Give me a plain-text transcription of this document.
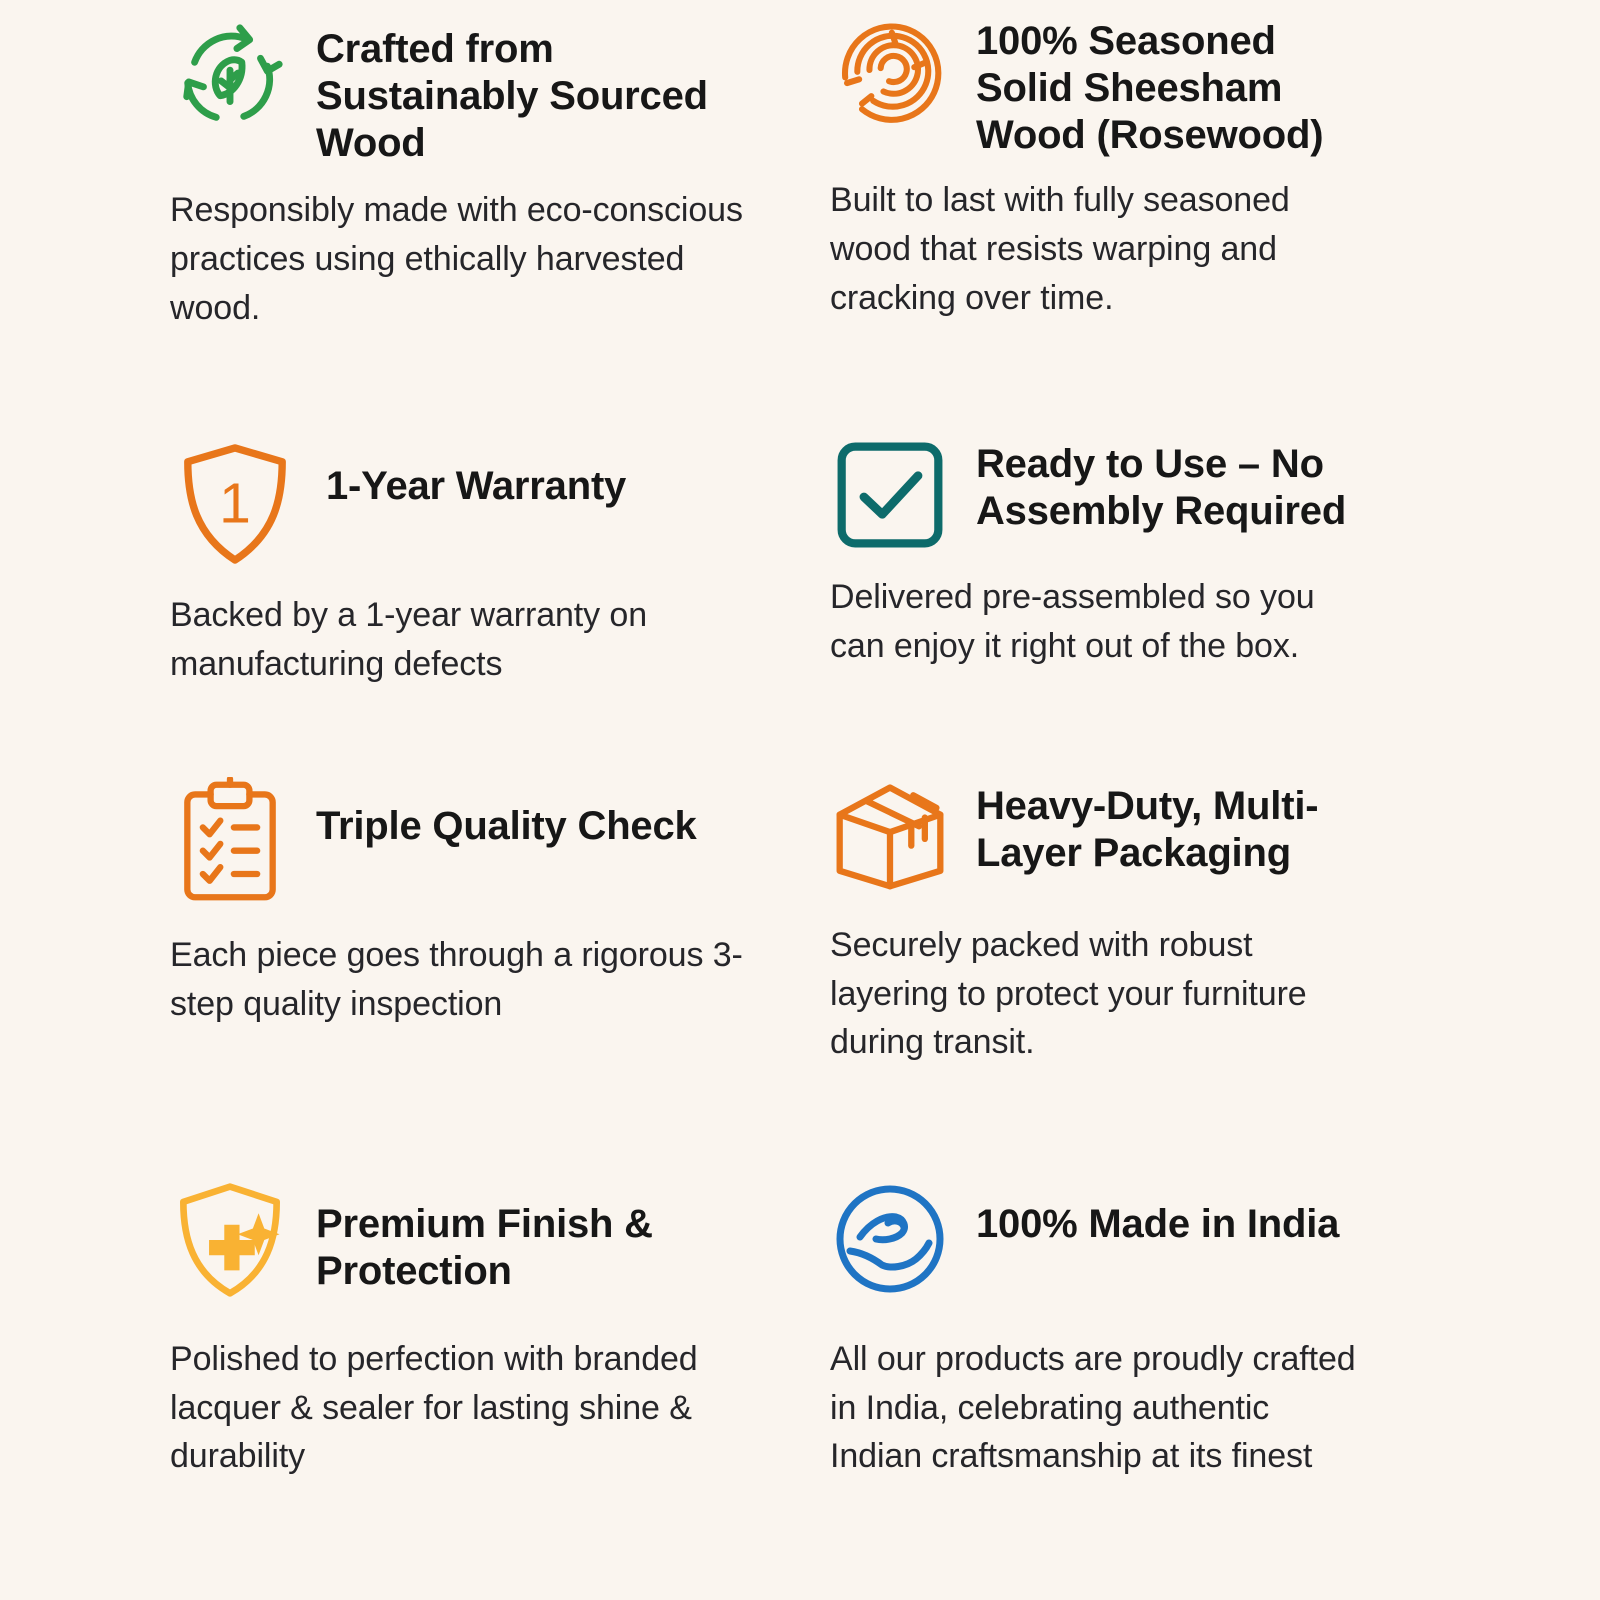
Crafted from Sustainably Sourced Wood
Responsibly made with eco-conscious practices using ethically harvested wood.
100% Seasoned Solid Sheesham Wood (Rosewood)
Built to last with fully seasoned wood that resists warping and cracking over time.
1 1-Year Warranty
Backed by a 1-year warranty on manufacturing defects
Ready to Use – No Assembly Required
Delivered pre-assembled so you can enjoy it right out of the box.
Triple Quality Check
Each piece goes through a rigorous 3-step quality inspection
Heavy-Duty, Multi-Layer Packaging
Securely packed with robust layering to protect your furniture during transit.
Premium Finish & Protection
Polished to perfection with branded lacquer & sealer for lasting shine & durability
100% Made in India
All our products are proudly crafted in India, celebrating authentic Indian craftsmanship at its finest
